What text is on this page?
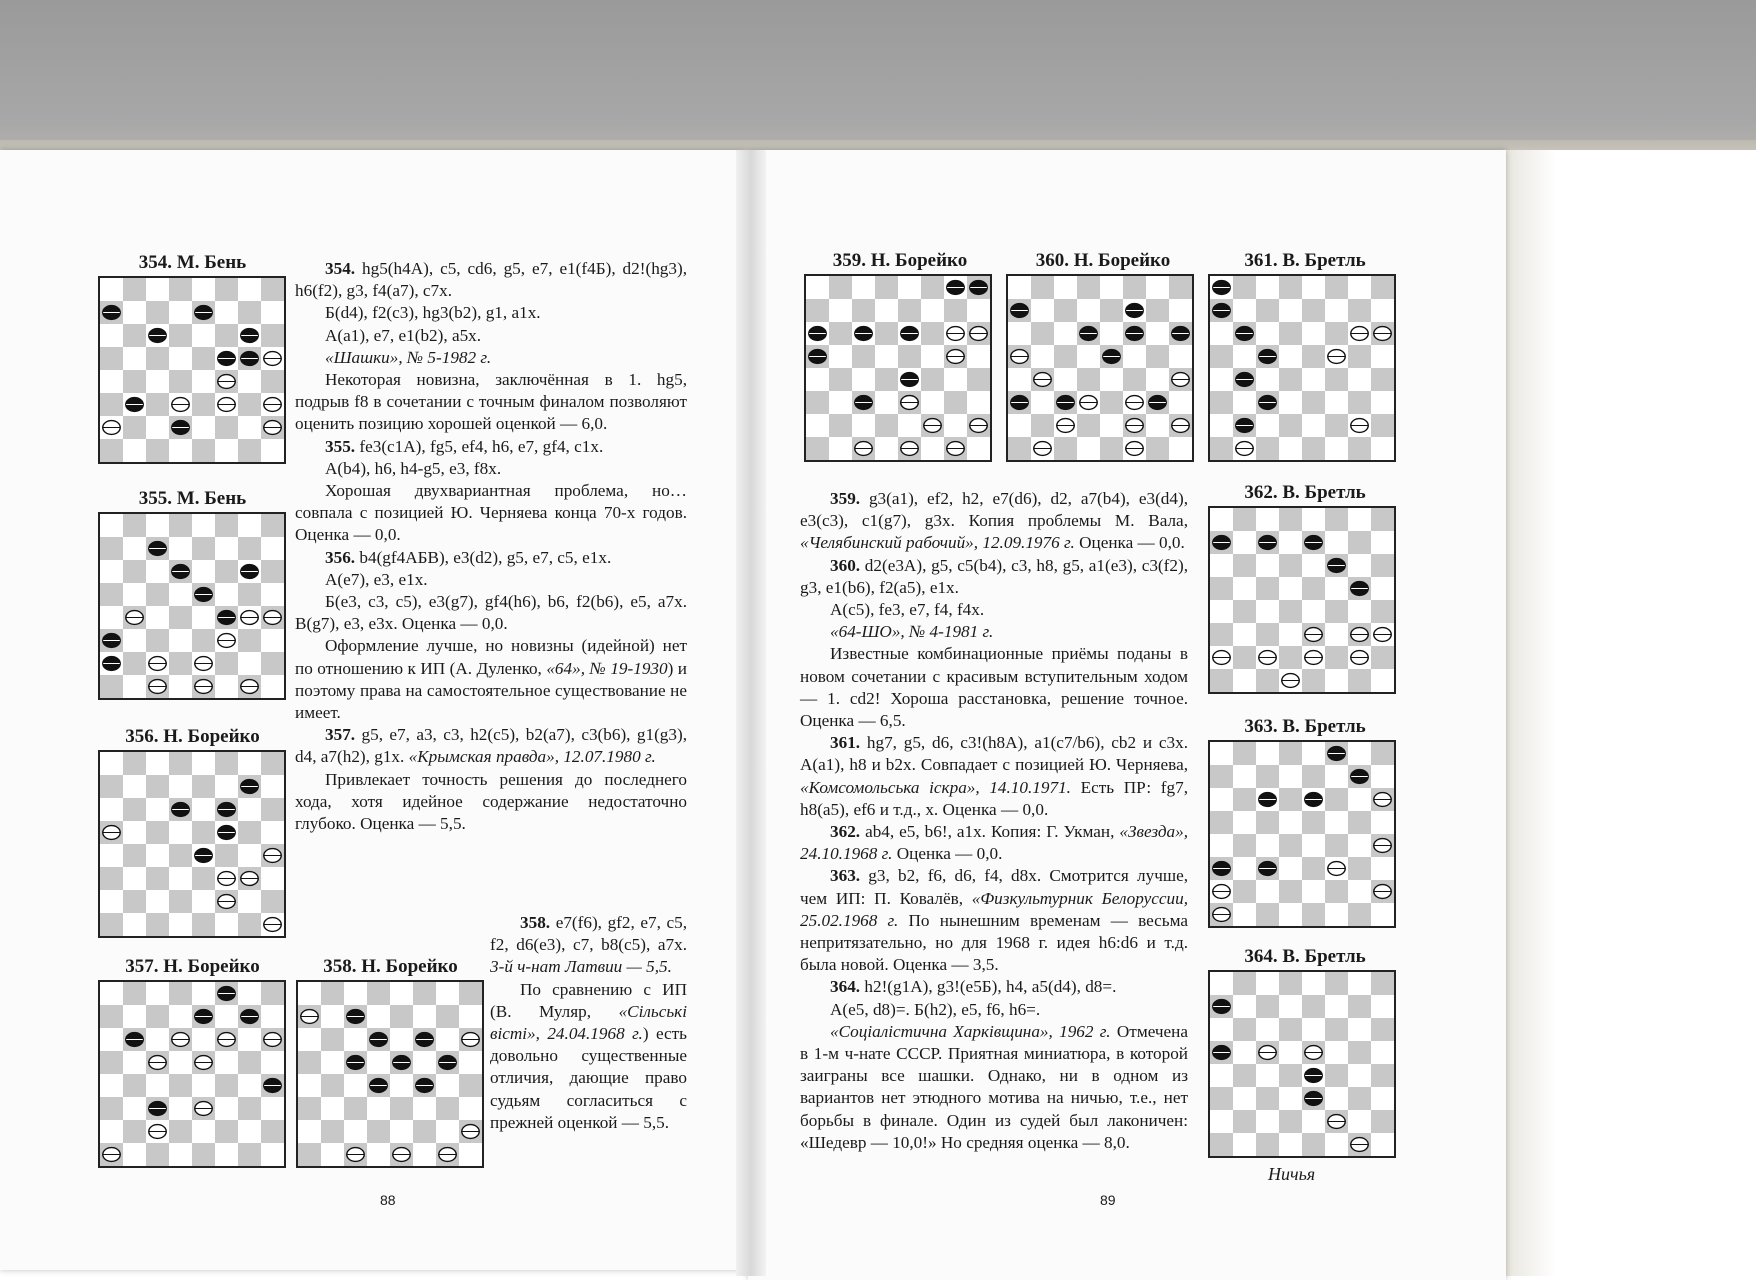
354. М. Бень
355. М. Бень
356. Н. Борейко
357. Н. Борейко	358. Н. Борейко

354. hg5(h4A), c5, cd6, g5, e7, e1(f4Б), d2!(hg3), h6(f2), g3, f4(a7), c7x.

Б(d4), f2(c3), hg3(b2), g1, a1x.

A(a1), e7, e1(b2), a5x.

«Шашки», № 5-1982 г.

Некоторая новизна, заключённая в 1. hg5, подрыв f8 в сочетании с точным финалом позволяют оценить позицию хорошей оценкой — 6,0.

355. fe3(c1A), fg5, ef4, h6, e7, gf4, c1x.

A(b4), h6, h4-g5, e3, f8x.

Хорошая двухвариантная проблема, но… совпала с позицией Ю. Черняева конца 70-х годов. Оценка — 0,0.

356. b4(gf4АБВ), e3(d2), g5, e7, c5, e1x.

A(e7), e3, e1x.

Б(e3, c3, c5), e3(g7), gf4(h6), b6, f2(b6), e5, a7x. В(g7), e3, e3x. Оценка — 0,0.

Оформление лучше, но новизны (идейной) нет по отношению к ИП (А. Дуленко, «64», № 19-1930) и поэтому права на самостоятельное существование не имеет.

357. g5, e7, a3, c3, h2(c5), b2(a7), c3(b6), g1(g3), d4, a7(h2), g1x. «Крымская правда», 12.07.1980 г.

Привлекает точность решения до последнего хода, хотя идейное содержание недостаточно глубоко. Оценка — 5,5.

358. e7(f6), gf2, e7, c5, f2, d6(e3), c7, b8(c5), a7x. 3-й ч-нат Латвии — 5,5.

По сравнению с ИП (В. Муляр, «Сільські вісті», 24.04.1968 г.) есть довольно существенные отличия, дающие право судьям согласиться с прежней оценкой — 5,5.

88
359. Н. Борейко	360. Н. Борейко	361. В. Бретль
362. В. Бретль
363. В. Бретль
364. В. Бретль
Ничья

359. g3(a1), ef2, h2, e7(d6), d2, a7(b4), e3(d4), e3(c3), c1(g7), g3x. Копия проблемы М. Вала, «Челябинский рабочий», 12.09.1976 г. Оценка — 0,0.

360. d2(e3A), g5, c5(b4), c3, h8, g5, a1(e3), c3(f2), g3, e1(b6), f2(a5), e1x.

A(c5), fe3, e7, f4, f4x.

«64-ШО», № 4-1981 г.

Известные комбинационные приёмы поданы в новом сочетании с красивым вступительным ходом — 1. cd2! Хороша расстановка, решение точное. Оценка — 6,5.

361. hg7, g5, d6, c3!(h8A), a1(c7/b6), cb2 и c3x. A(a1), h8 и b2x. Совпадает с позицией Ю. Черняева, «Комсомольська іскра», 14.10.1971. Есть ПР: fg7, h8(a5), ef6 и т.д., х. Оценка — 0,0.

362. ab4, e5, b6!, a1x. Копия: Г. Укман, «Звезда», 24.10.1968 г. Оценка — 0,0.

363. g3, b2, f6, d6, f4, d8x. Смотрится лучше, чем ИП: П. Ковалёв, «Физкультурник Белоруссии, 25.02.1968 г. По нынешним временам — весьма непритязательно, но для 1968 г. идея h6:d6 и т.д. была новой. Оценка — 3,5.

364. h2!(g1A), g3!(e5Б), h4, a5(d4), d8=.

A(e5, d8)=. Б(h2), e5, f6, h6=.

«Соціалістична Харківщина», 1962 г. Отмечена в 1-м ч-нате СССР. Приятная миниатюра, в которой заиграны все шашки. Однако, ни в одном из вариантов нет этюдного мотива на ничью, т.е., нет борьбы в финале. Один из судей был лаконичен: «Шедевр — 10,0!» Но средняя оценка — 8,0.

89
